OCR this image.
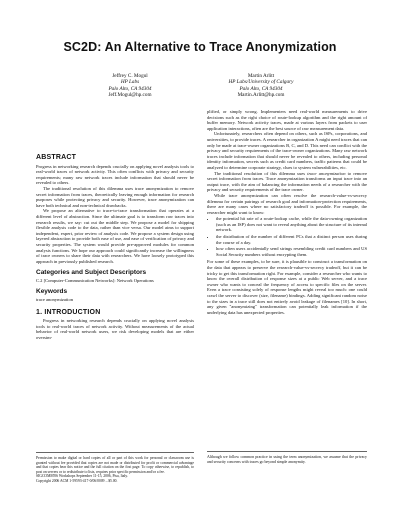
SC2D: An Alternative to Trace Anonymization
Jeffrey C. Mogul
HP Labs
Palo Alto, CA 94304
Jeff.Mogul@hp.com
Martin Arlitt
HP Labs/University of Calgary
Palo Alto, CA 94304
Martin.Arlitt@hp.com
ABSTRACT

Progress in networking research depends crucially on applying novel analysis tools to real-world traces of network activity. This often conflicts with privacy and security requirements; many raw network traces include information that should never be revealed to others.

The traditional resolution of this dilemma uses trace anonymization to remove secret information from traces, theoretically leaving enough information for research purposes while protecting privacy and security. However, trace anonymization can have both technical and non-technical drawbacks.

We propose an alternative to trace-to-trace transformation that operates at a different level of abstraction. Since the ultimate goal is to transform raw traces into research results, we say: cut out the middle step. We propose a model for shipping flexible analysis code to the data, rather than vice versa. Our model aims to support independent, expert, prior review of analysis code. We propose a system design using layered abstraction to provide both ease of use, and ease of verification of privacy and security properties. The system would provide pre-approved modules for common analysis functions. We hope our approach could significantly increase the willingness of trace owners to share their data with researchers. We have loosely prototyped this approach in previously published research.

Categories and Subject Descriptors

C.2 [Computer-Communication Networks]: Network Operations

Keywords

trace anonymization

1. INTRODUCTION

Progress in networking research depends crucially on applying novel analysis tools to real-world traces of network activity. Without measurements of the actual behavior of real-world network users, we risk developing models that are either oversim-

Permission to make digital or hard copies of all or part of this work for personal or classroom use is granted without fee provided that copies are not made or distributed for profit or commercial advantage and that copies bear this notice and the full citation on the first page. To copy otherwise, to republish, to post on servers or to redistribute to lists, requires prior specific permission and/or a fee.
SIGCOMM'06 Workshops September 11-15, 2006, Pisa, Italy.
Copyright 2006 ACM 1-59593-417-0/06/0009 ...$5.00.

plified, or simply wrong. Implementers need real-world measurements to drive decisions such as the right choice of route-lookup algorithm and the right amount of buffer memory. Network activity traces, made at various layers from packets to user application interactions, often are the best source of raw measurement data.

Unfortunately, researchers often depend on others, such as ISPs, corporations, and universities, to provide traces. A researcher in organization A might need traces that can only be made at trace-owner organizations B, C, and D. This need can conflict with the privacy and security requirements of the trace-owner organizations. Many raw network traces include information that should never be revealed to others, including personal identity information, secrets such as credit card numbers, traffic patterns that could be analyzed to determine corporate strategy, clues to system vulnerabilities, etc.

The traditional resolution of this dilemma uses trace anonymization to remove secret information from traces. Trace anonymization transforms an input trace into an output trace, with the aim of balancing the information needs of a researcher with the privacy and security requirements of the trace owner.

While trace anonymization can often resolve the research-value-vs-secrecy dilemma for certain pairings of research goal and information-protection requirements, there are many cases where no satisfactory tradeoff is possible. For example, the researcher might want to know:

• the potential hit rate of a route-lookup cache, while the data-owning organization (such as an ISP) does not want to reveal anything about the structure of its internal network.
• the distribution of the number of different PCs that a distinct person uses during the course of a day.
• how often users accidentally send strings resembling credit card numbers and US Social Security numbers without encrypting them.

For some of these examples, to be sure, it is plausible to construct a transformation on the data that appears to preserve the research-value-vs-secrecy tradeoff, but it can be tricky to get this transformation right. For example, consider a researcher who wants to know the overall distribution of response sizes at a public Web server, and a trace owner who wants to conceal the frequency of access to specific files on the server. Even a trace consisting solely of response lengths might reveal too much: one could crawl the server to discover (size, filename) bindings. Adding significant random noise to the sizes in a trace still does not entirely avoid leakage of filenames [10]. In short, any given "anonymizing" transformation can potentially leak information if the underlying data has unexpected properties.

Although we follow common practice in using the term anonymization, we assume that the privacy and security concerns with traces go beyond simple anonymity.
